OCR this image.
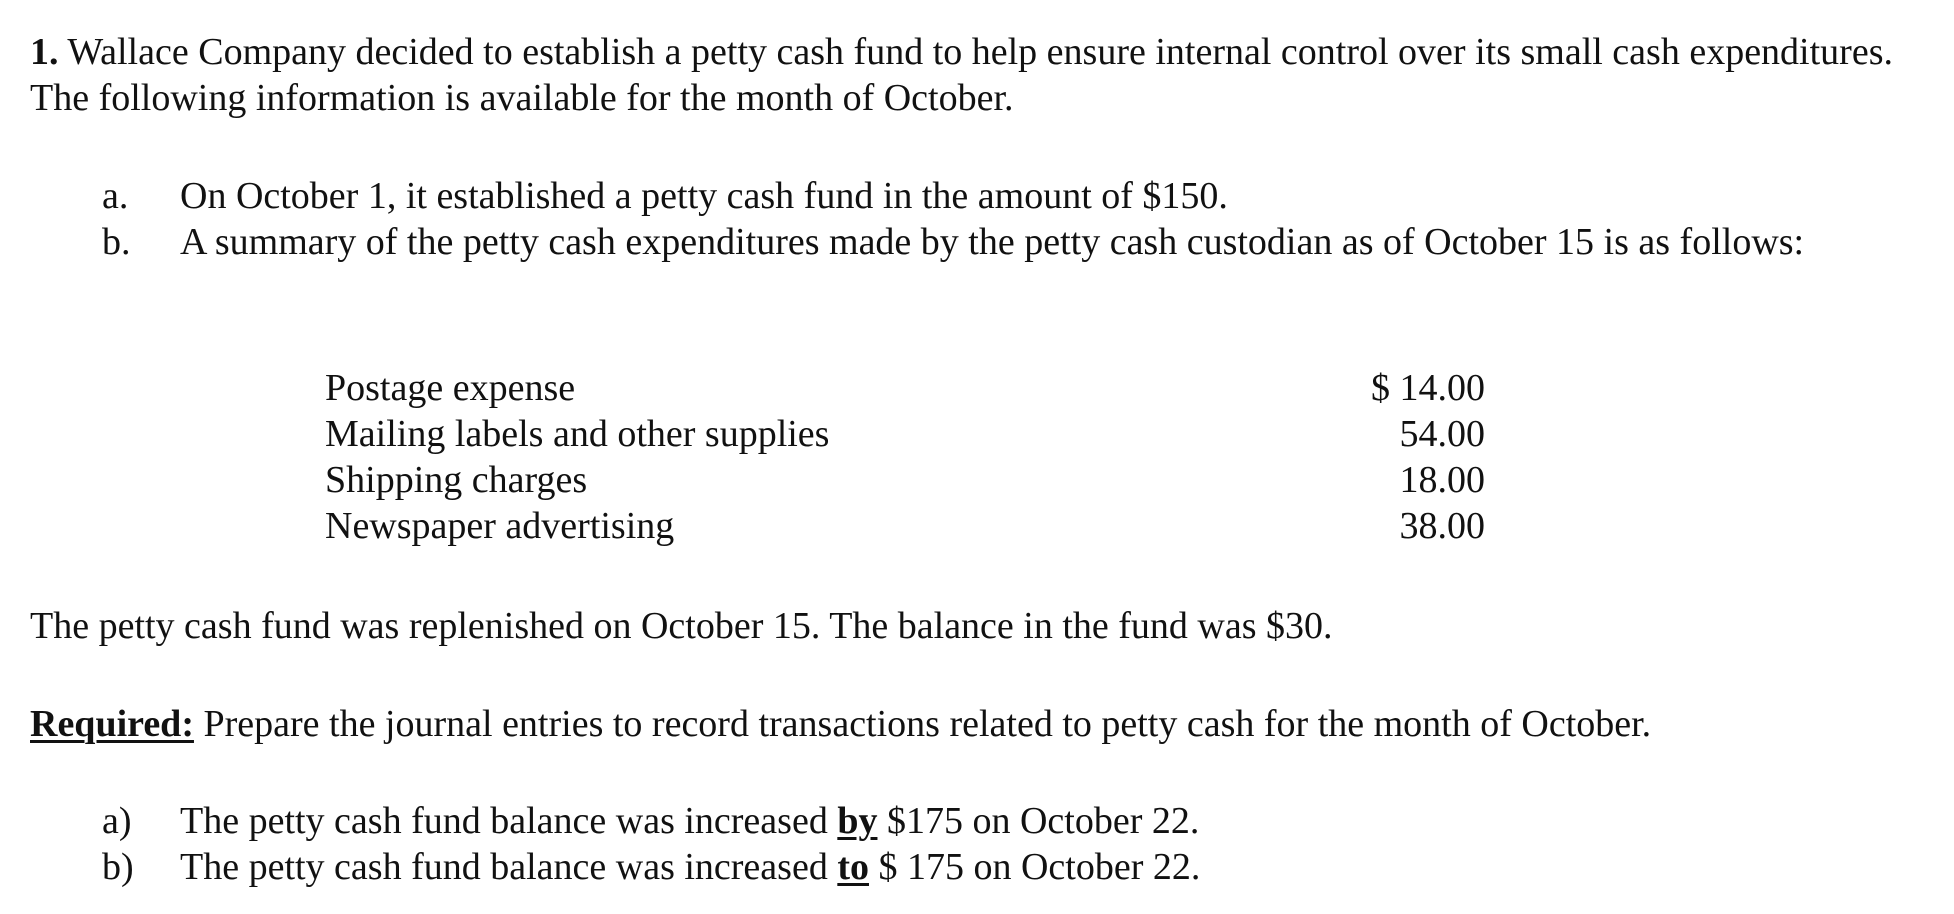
1. Wallace Company decided to establish a petty cash fund to help ensure internal control over its small cash expenditures. The following information is available for the month of October.

a. On October 1, it established a petty cash fund in the amount of $150.
b. A summary of the petty cash expenditures made by the petty cash custodian as of October 15 is as follows:
Postage expense	$ 14.00
Mailing labels and other supplies	54.00
Shipping charges	18.00
Newspaper advertising	38.00

The petty cash fund was replenished on October 15. The balance in the fund was $30.

Required: Prepare the journal entries to record transactions related to petty cash for the month of October.

a) The petty cash fund balance was increased by $175 on October 22.
b) The petty cash fund balance was increased to $ 175 on October 22.
